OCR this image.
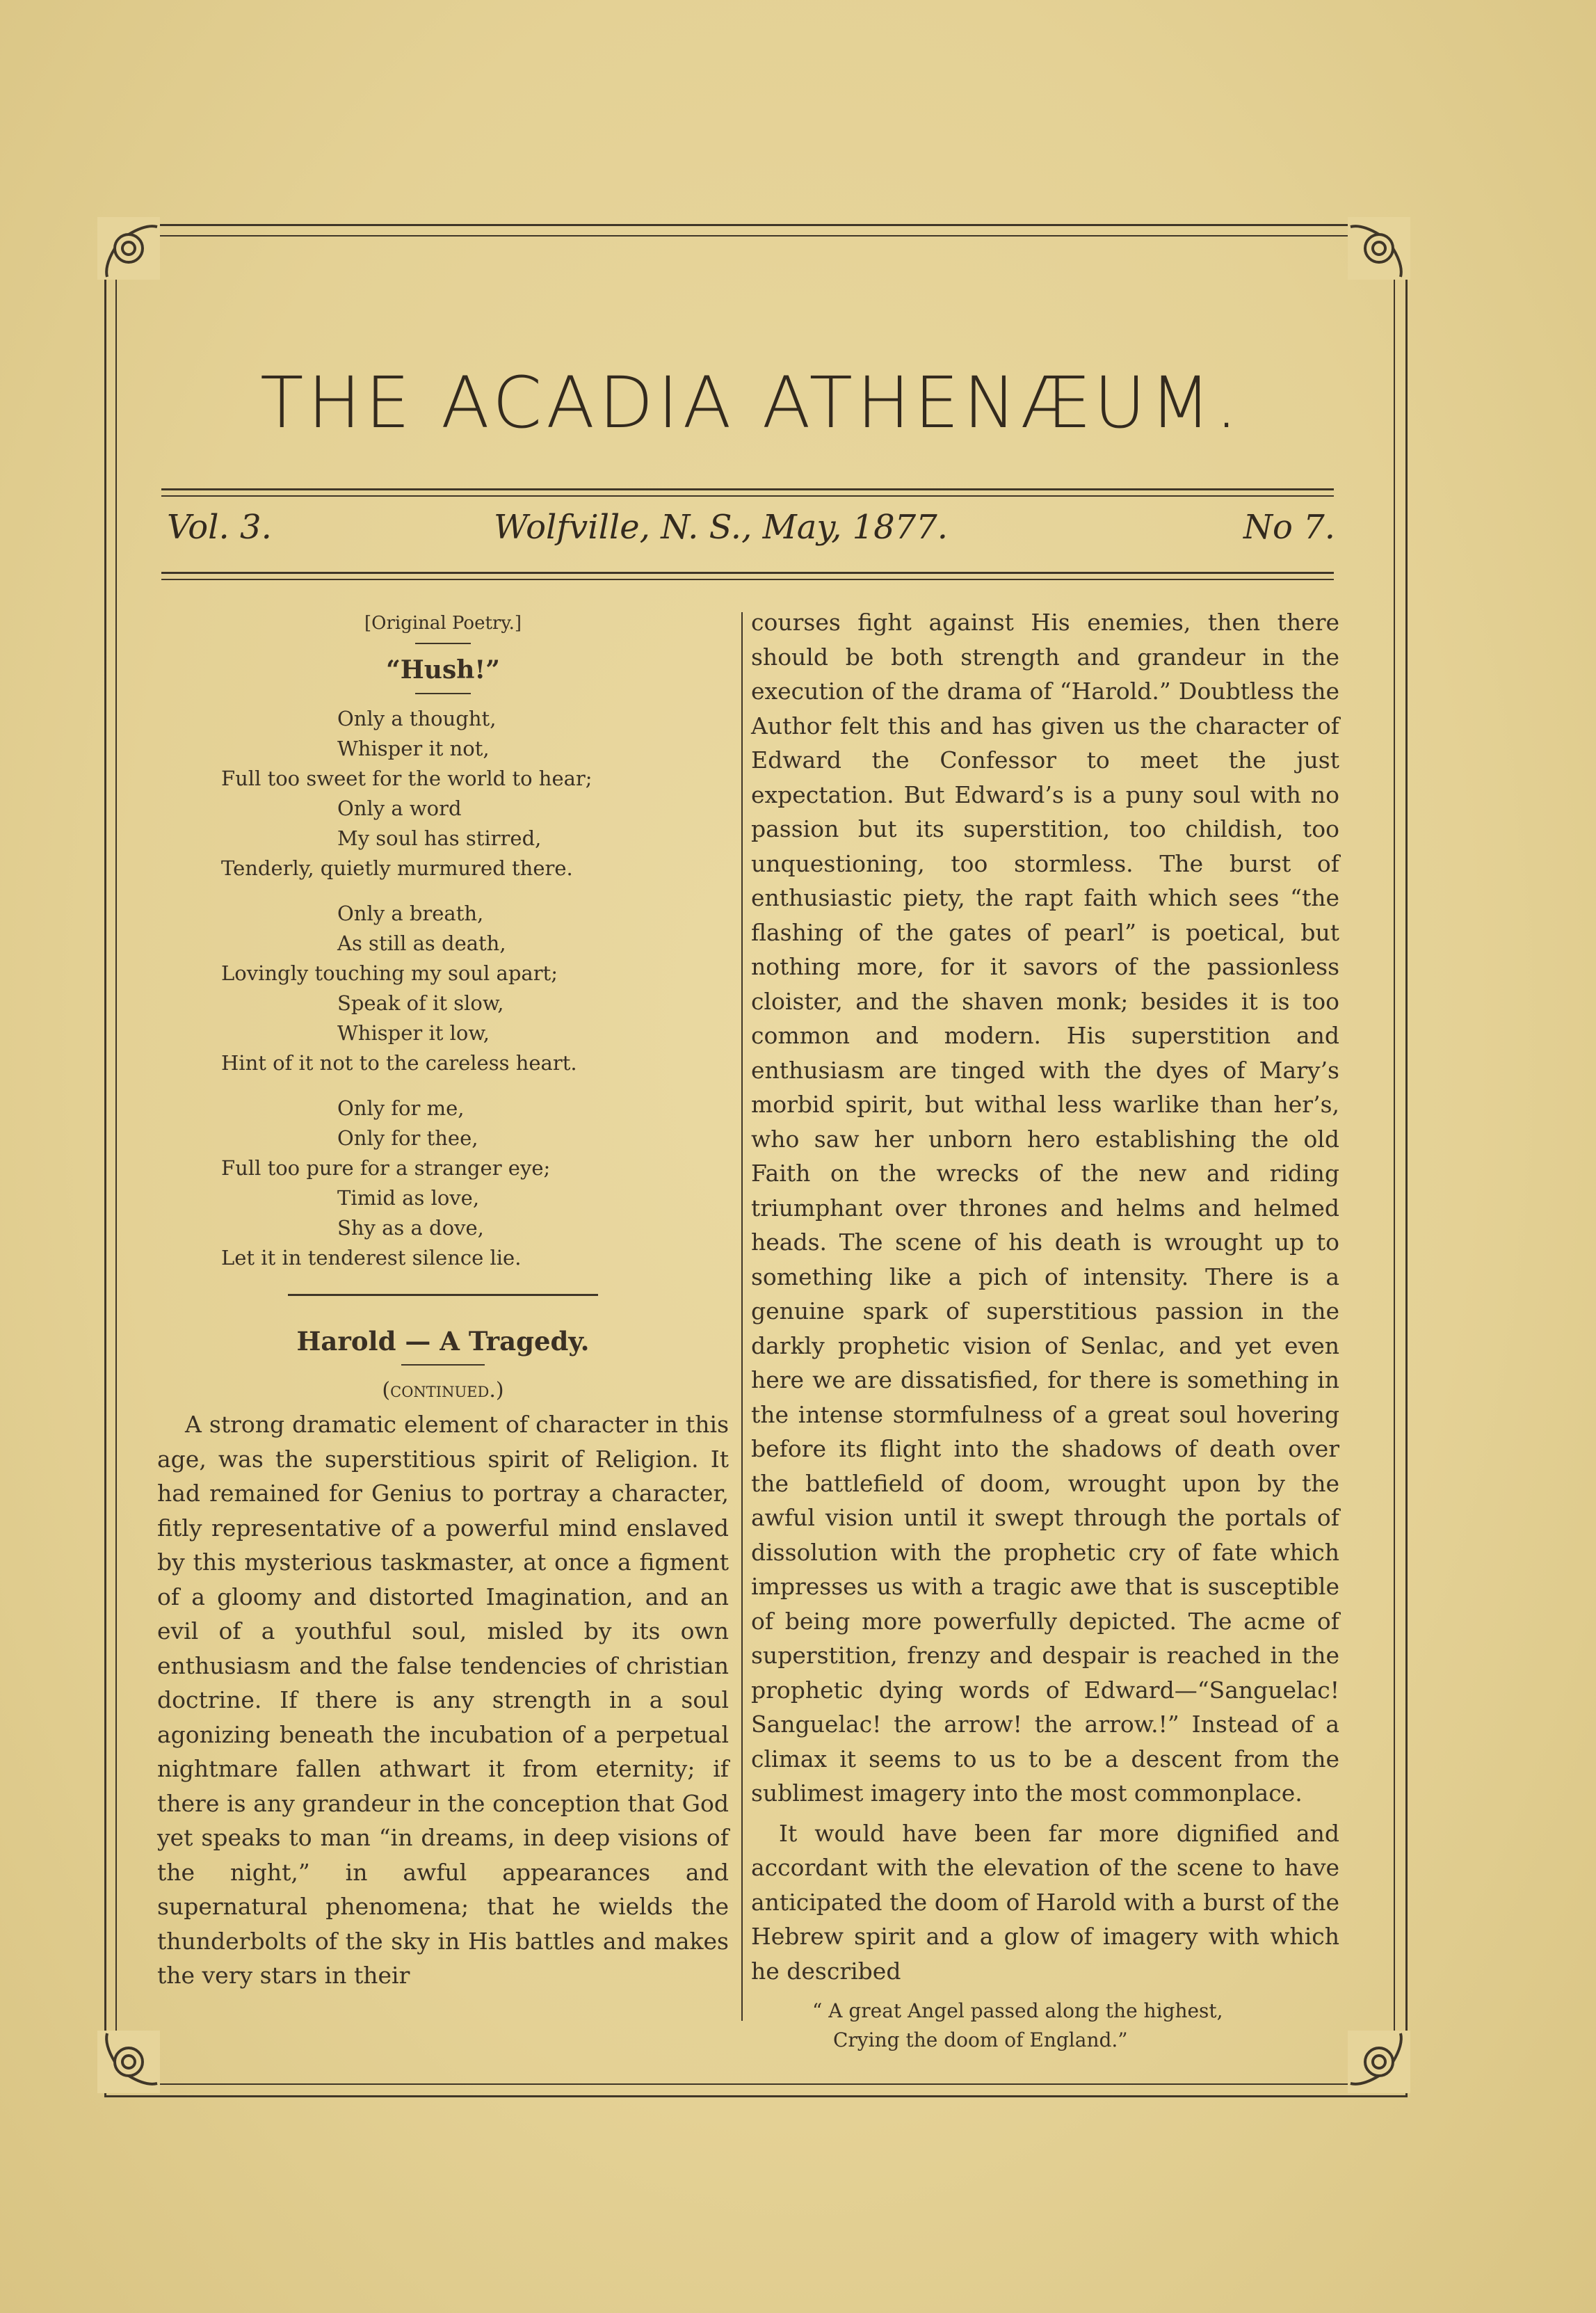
THE ACADIA ATHENÆUM.
Vol. 3.	Wolfville, N. S., May, 1877.	No 7.
[Original Poetry.]
“Hush!”
Only a thought,
Whisper it not,
Full too sweet for the world to hear;
Only a word
My soul has stirred,
Tenderly, quietly murmured there.
Only a breath,
As still as death,
Lovingly touching my soul apart;
Speak of it slow,
Whisper it low,
Hint of it not to the careless heart.
Only for me,
Only for thee,
Full too pure for a stranger eye;
Timid as love,
Shy as a dove,
Let it in tenderest silence lie.
Harold — A Tragedy.
(continued.)

A strong dramatic element of character in this age, was the superstitious spirit of Religion. It had remained for Genius to portray a character, fitly representative of a powerful mind enslaved by this mysterious taskmaster, at once a figment of a gloomy and distorted Imagination, and an evil of a youthful soul, misled by its own enthusiasm and the false tendencies of christian doctrine. If there is any strength in a soul agonizing beneath the incubation of a perpetual nightmare fallen athwart it from eternity; if there is any grandeur in the conception that God yet speaks to man “in dreams, in deep visions of the night,” in awful appearances and supernatural phenomena; that he wields the thunderbolts of the sky in His battles and makes the very stars in their

courses fight against His enemies, then there should be both strength and grandeur in the execution of the drama of “Harold.” Doubtless the Author felt this and has given us the character of Edward the Confessor to meet the just expectation. But Edward’s is a puny soul with no passion but its superstition, too childish, too unquestioning, too stormless. The burst of enthusiastic piety, the rapt faith which sees “the flashing of the gates of pearl” is poetical, but nothing more, for it savors of the passionless cloister, and the shaven monk; besides it is too common and modern. His superstition and enthusiasm are tinged with the dyes of Mary’s morbid spirit, but withal less warlike than her’s, who saw her unborn hero establishing the old Faith on the wrecks of the new and riding triumphant over thrones and helms and helmed heads. The scene of his death is wrought up to something like a pich of intensity. There is a genuine spark of superstitious passion in the darkly prophetic vision of Senlac, and yet even here we are dissatisfied, for there is something in the intense stormfulness of a great soul hovering before its flight into the shadows of death over the battlefield of doom, wrought upon by the awful vision until it swept through the portals of dissolution with the prophetic cry of fate which impresses us with a tragic awe that is susceptible of being more powerfully depicted. The acme of superstition, frenzy and despair is reached in the prophetic dying words of Edward—“Sanguelac! Sanguelac! the arrow! the arrow.!” Instead of a climax it seems to us to be a descent from the sublimest imagery into the most commonplace.

It would have been far more dignified and accordant with the elevation of the scene to have anticipated the doom of Harold with a burst of the Hebrew spirit and a glow of imagery with which he described

“ A great Angel passed along the highest,
Crying the doom of England.”
